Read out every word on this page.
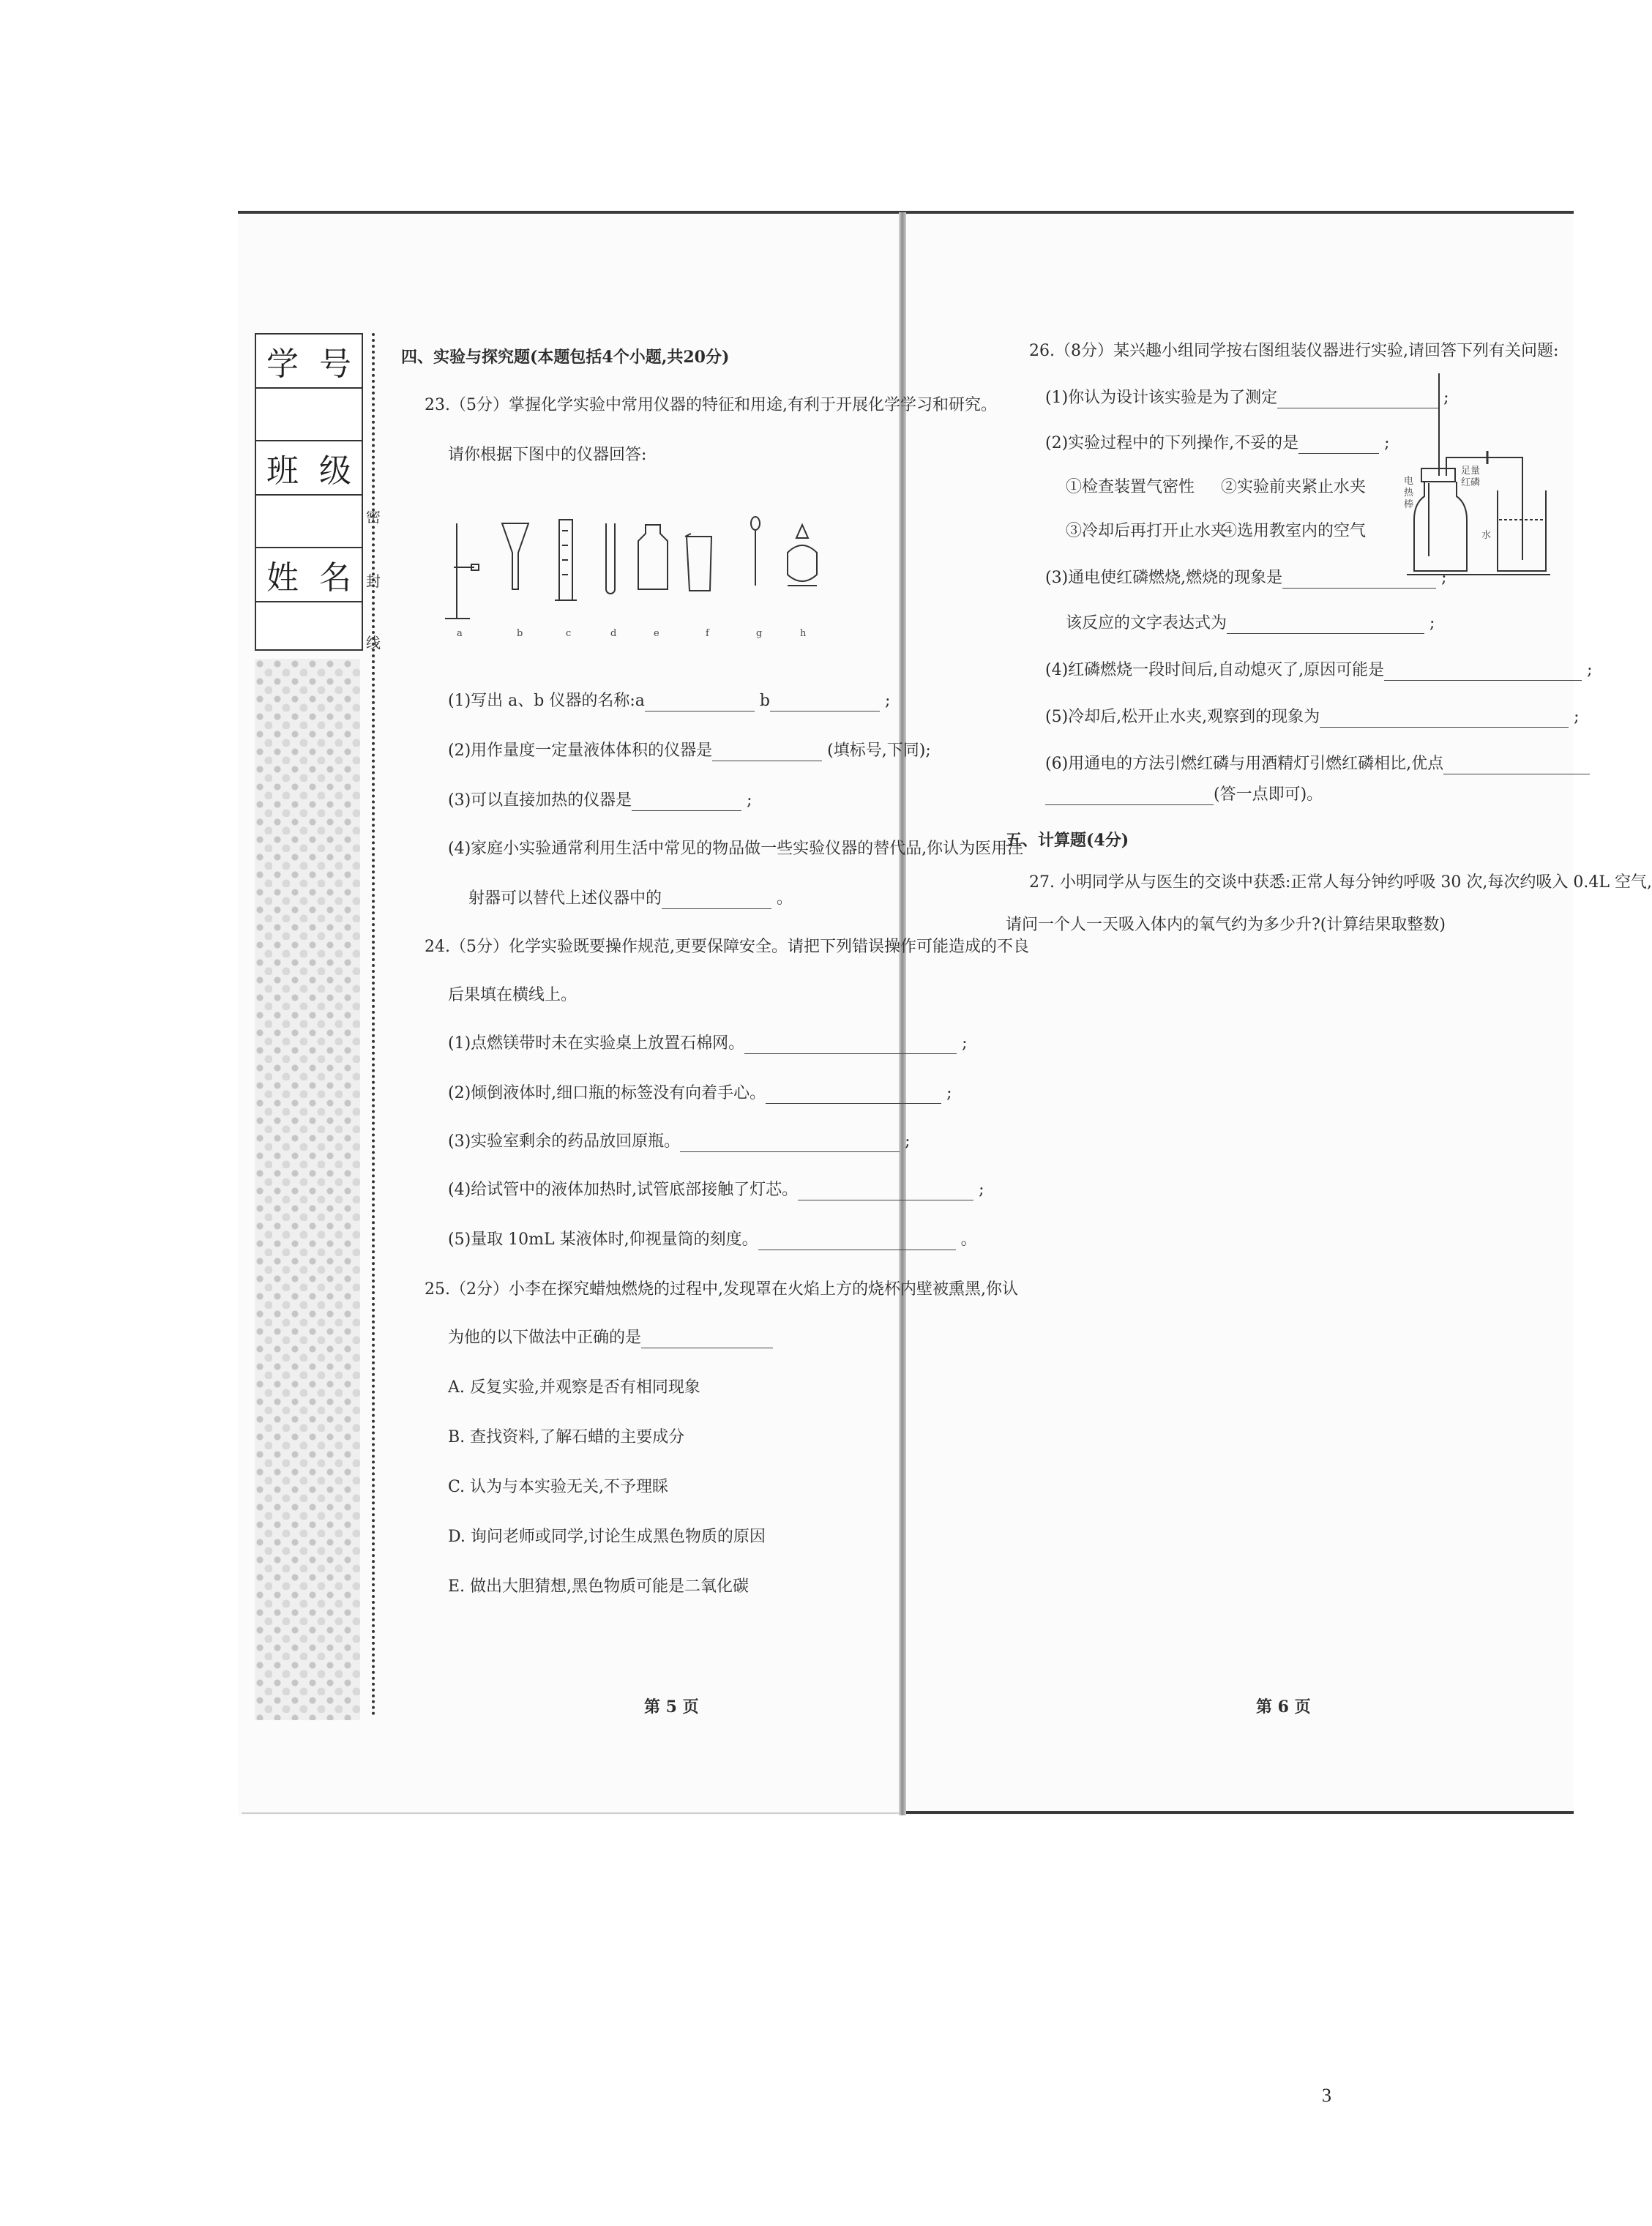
学 号
班 级
姓 名
密
封
线
四、实验与探究题(本题包括4个小题,共20分)
23.（5分）掌握化学实验中常用仪器的特征和用途,有利于开展化学学习和研究。
请你根据下图中的仪器回答:
a	b	c	d	e	f	g	h
(1)写出 a、b 仪器的名称:a	b	;
(2)用作量度一定量液体体积的仪器是	(填标号,下同);
(3)可以直接加热的仪器是	;
(4)家庭小实验通常利用生活中常见的物品做一些实验仪器的替代品,你认为医用注
射器可以替代上述仪器中的	。
24.（5分）化学实验既要操作规范,更要保障安全。请把下列错误操作可能造成的不良
后果填在横线上。
(1)点燃镁带时未在实验桌上放置石棉网。	;
(2)倾倒液体时,细口瓶的标签没有向着手心。	;
(3)实验室剩余的药品放回原瓶。	;
(4)给试管中的液体加热时,试管底部接触了灯芯。	;
(5)量取 10mL 某液体时,仰视量筒的刻度。	。
25.（2分）小李在探究蜡烛燃烧的过程中,发现罩在火焰上方的烧杯内壁被熏黑,你认
为他的以下做法中正确的是
A. 反复实验,并观察是否有相同现象
B. 查找资料,了解石蜡的主要成分
C. 认为与本实验无关,不予理睬
D. 询问老师或同学,讨论生成黑色物质的原因
E. 做出大胆猜想,黑色物质可能是二氧化碳
第 5 页
26.（8分）某兴趣小组同学按右图组装仪器进行实验,请回答下列有关问题:
(1)你认为设计该实验是为了测定	;
(2)实验过程中的下列操作,不妥的是	;
①检查装置气密性 ②实验前夹紧止水夹
③冷却后再打开止水夹
④选用教室内的空气
(3)通电使红磷燃烧,燃烧的现象是	;
该反应的文字表达式为	;
(4)红磷燃烧一段时间后,自动熄灭了,原因可能是	;
(5)冷却后,松开止水夹,观察到的现象为	;
(6)用通电的方法引燃红磷与用酒精灯引燃红磷相比,优点
(答一点即可)。
电热棒
足量红磷
水
五、计算题(4分)
27. 小明同学从与医生的交谈中获悉:正常人每分钟约呼吸 30 次,每次约吸入 0.4L 空气,
请问一个人一天吸入体内的氧气约为多少升?(计算结果取整数)
第 6 页
3
